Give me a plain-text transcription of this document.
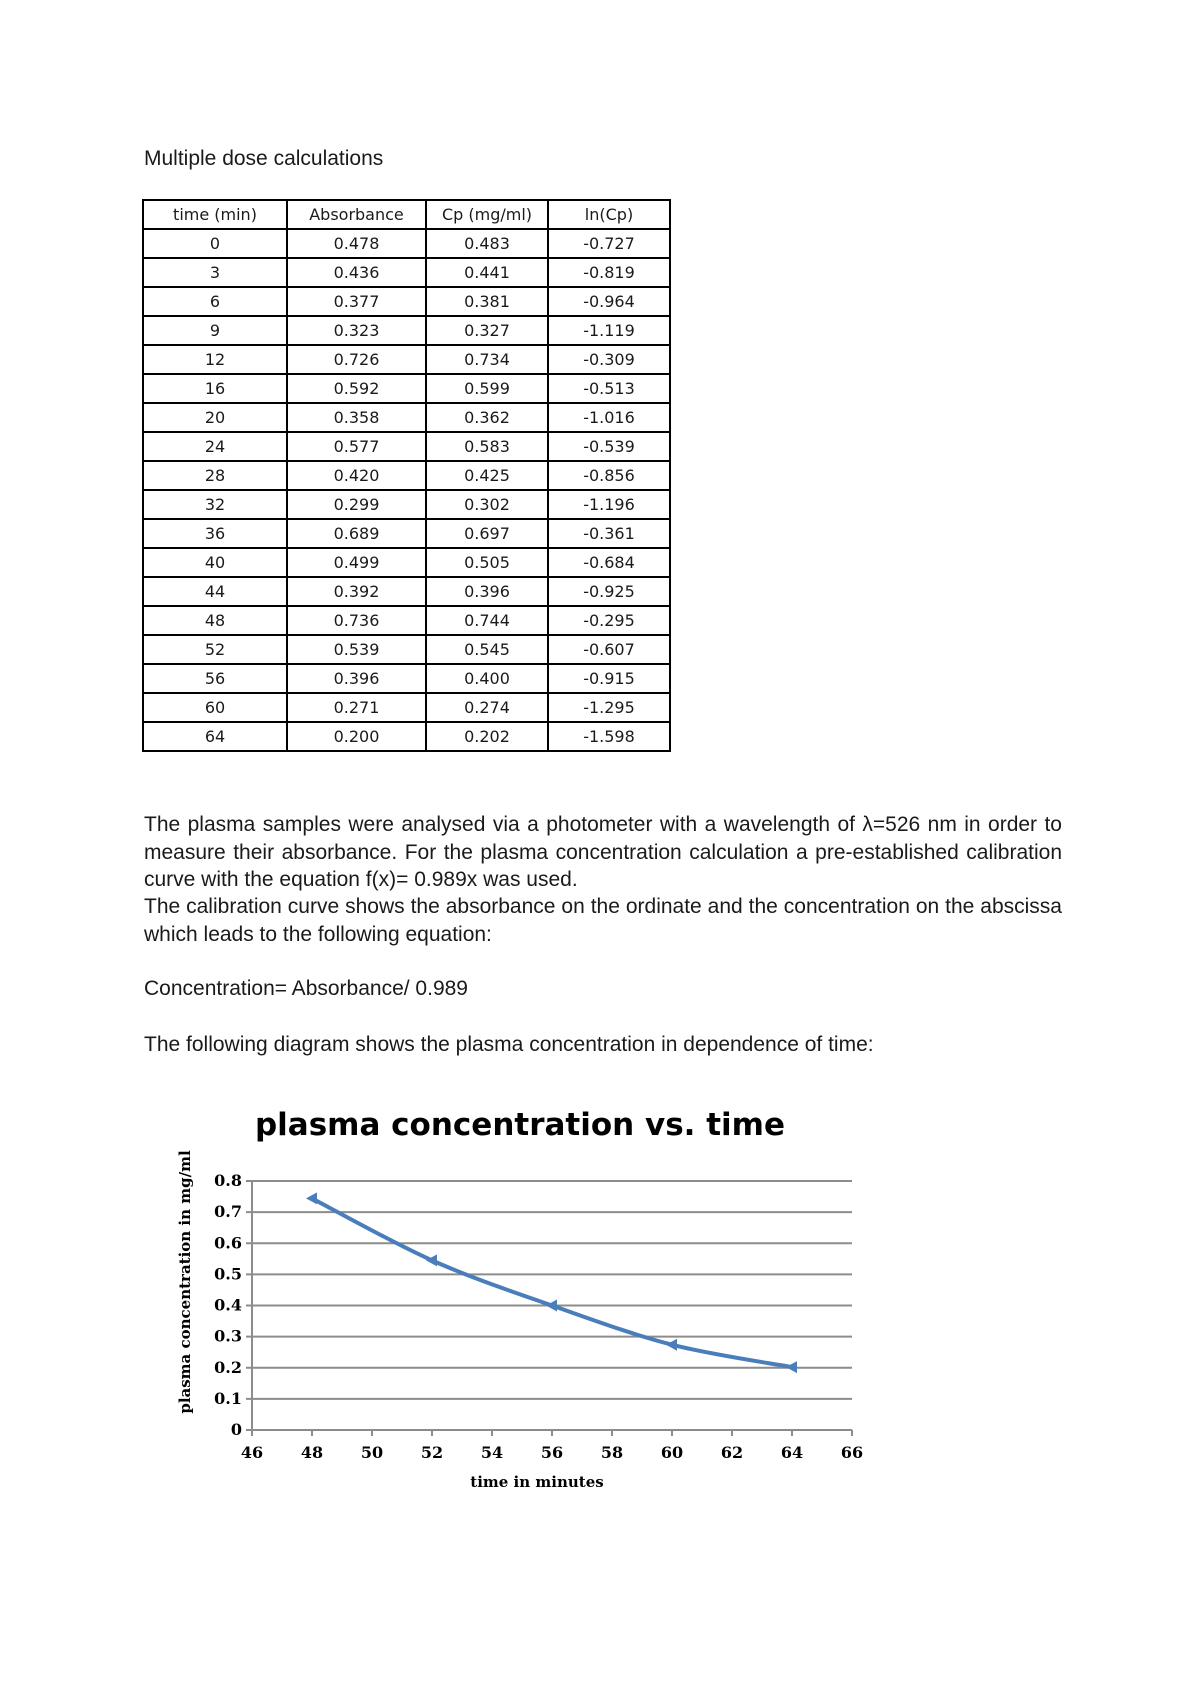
Multiple dose calculations
time (min)	Absorbance	Cp (mg/ml)	ln(Cp)
0	0.478	0.483	-0.727
3	0.436	0.441	-0.819
6	0.377	0.381	-0.964
9	0.323	0.327	-1.119
12	0.726	0.734	-0.309
16	0.592	0.599	-0.513
20	0.358	0.362	-1.016
24	0.577	0.583	-0.539
28	0.420	0.425	-0.856
32	0.299	0.302	-1.196
36	0.689	0.697	-0.361
40	0.499	0.505	-0.684
44	0.392	0.396	-0.925
48	0.736	0.744	-0.295
52	0.539	0.545	-0.607
56	0.396	0.400	-0.915
60	0.271	0.274	-1.295
64	0.200	0.202	-1.598
The plasma samples were analysed via a photometer with a wavelength of λ=526 nm in order to measure their absorbance. For the plasma concentration calculation a pre-established calibration curve with the equation f(x)= 0.989x was used.
The calibration curve shows the absorbance on the ordinate and the concentration on the abscissa which leads to the following equation:
Concentration= Absorbance/ 0.989
The following diagram shows the plasma concentration in dependence of time:
plasma concentration vs. time
0
0.1
0.2
0.3
0.4
0.5
0.6
0.7
0.8
46 48 50 52 54 56 58 60 62 64 66
time in minutes
plasma concentration in mg/ml
